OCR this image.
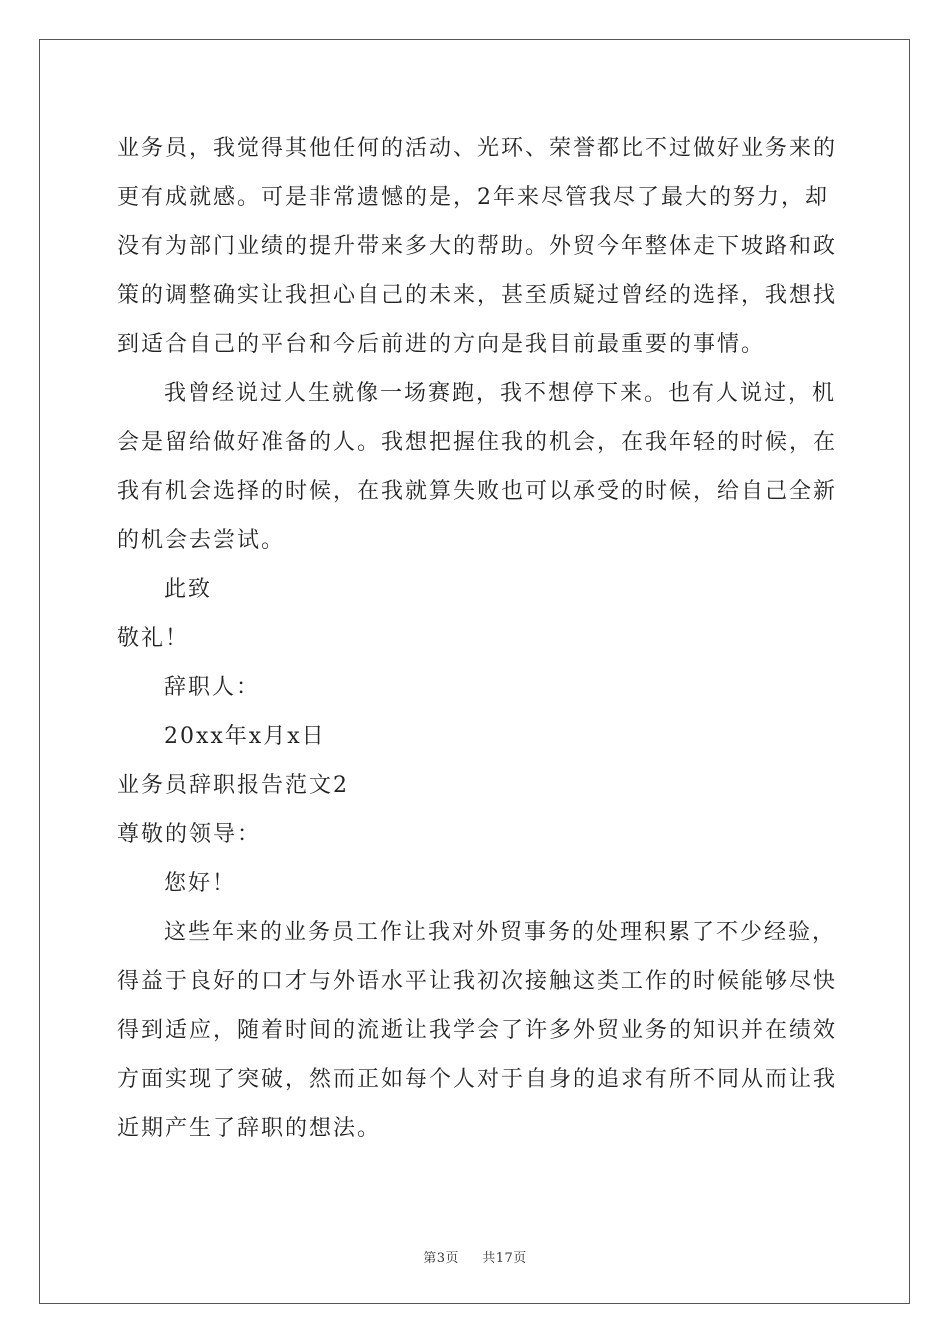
业务员，我觉得其他任何的活动、光环、荣誉都比不过做好业务来的
更有成就感。可是非常遗憾的是，2年来尽管我尽了最大的努力，却
没有为部门业绩的提升带来多大的帮助。外贸今年整体走下坡路和政
策的调整确实让我担心自己的未来，甚至质疑过曾经的选择，我想找
到适合自己的平台和今后前进的方向是我目前最重要的事情。

我曾经说过人生就像一场赛跑，我不想停下来。也有人说过，机
会是留给做好准备的人。我想把握住我的机会，在我年轻的时候，在
我有机会选择的时候，在我就算失败也可以承受的时候，给自己全新
的机会去尝试。

此致

敬礼！

辞职人：

20xx年x月x日

业务员辞职报告范文2

尊敬的领导：

您好！

这些年来的业务员工作让我对外贸事务的处理积累了不少经验，
得益于良好的口才与外语水平让我初次接触这类工作的时候能够尽快
得到适应，随着时间的流逝让我学会了许多外贸业务的知识并在绩效
方面实现了突破，然而正如每个人对于自身的追求有所不同从而让我
近期产生了辞职的想法。

第3页 共17页
